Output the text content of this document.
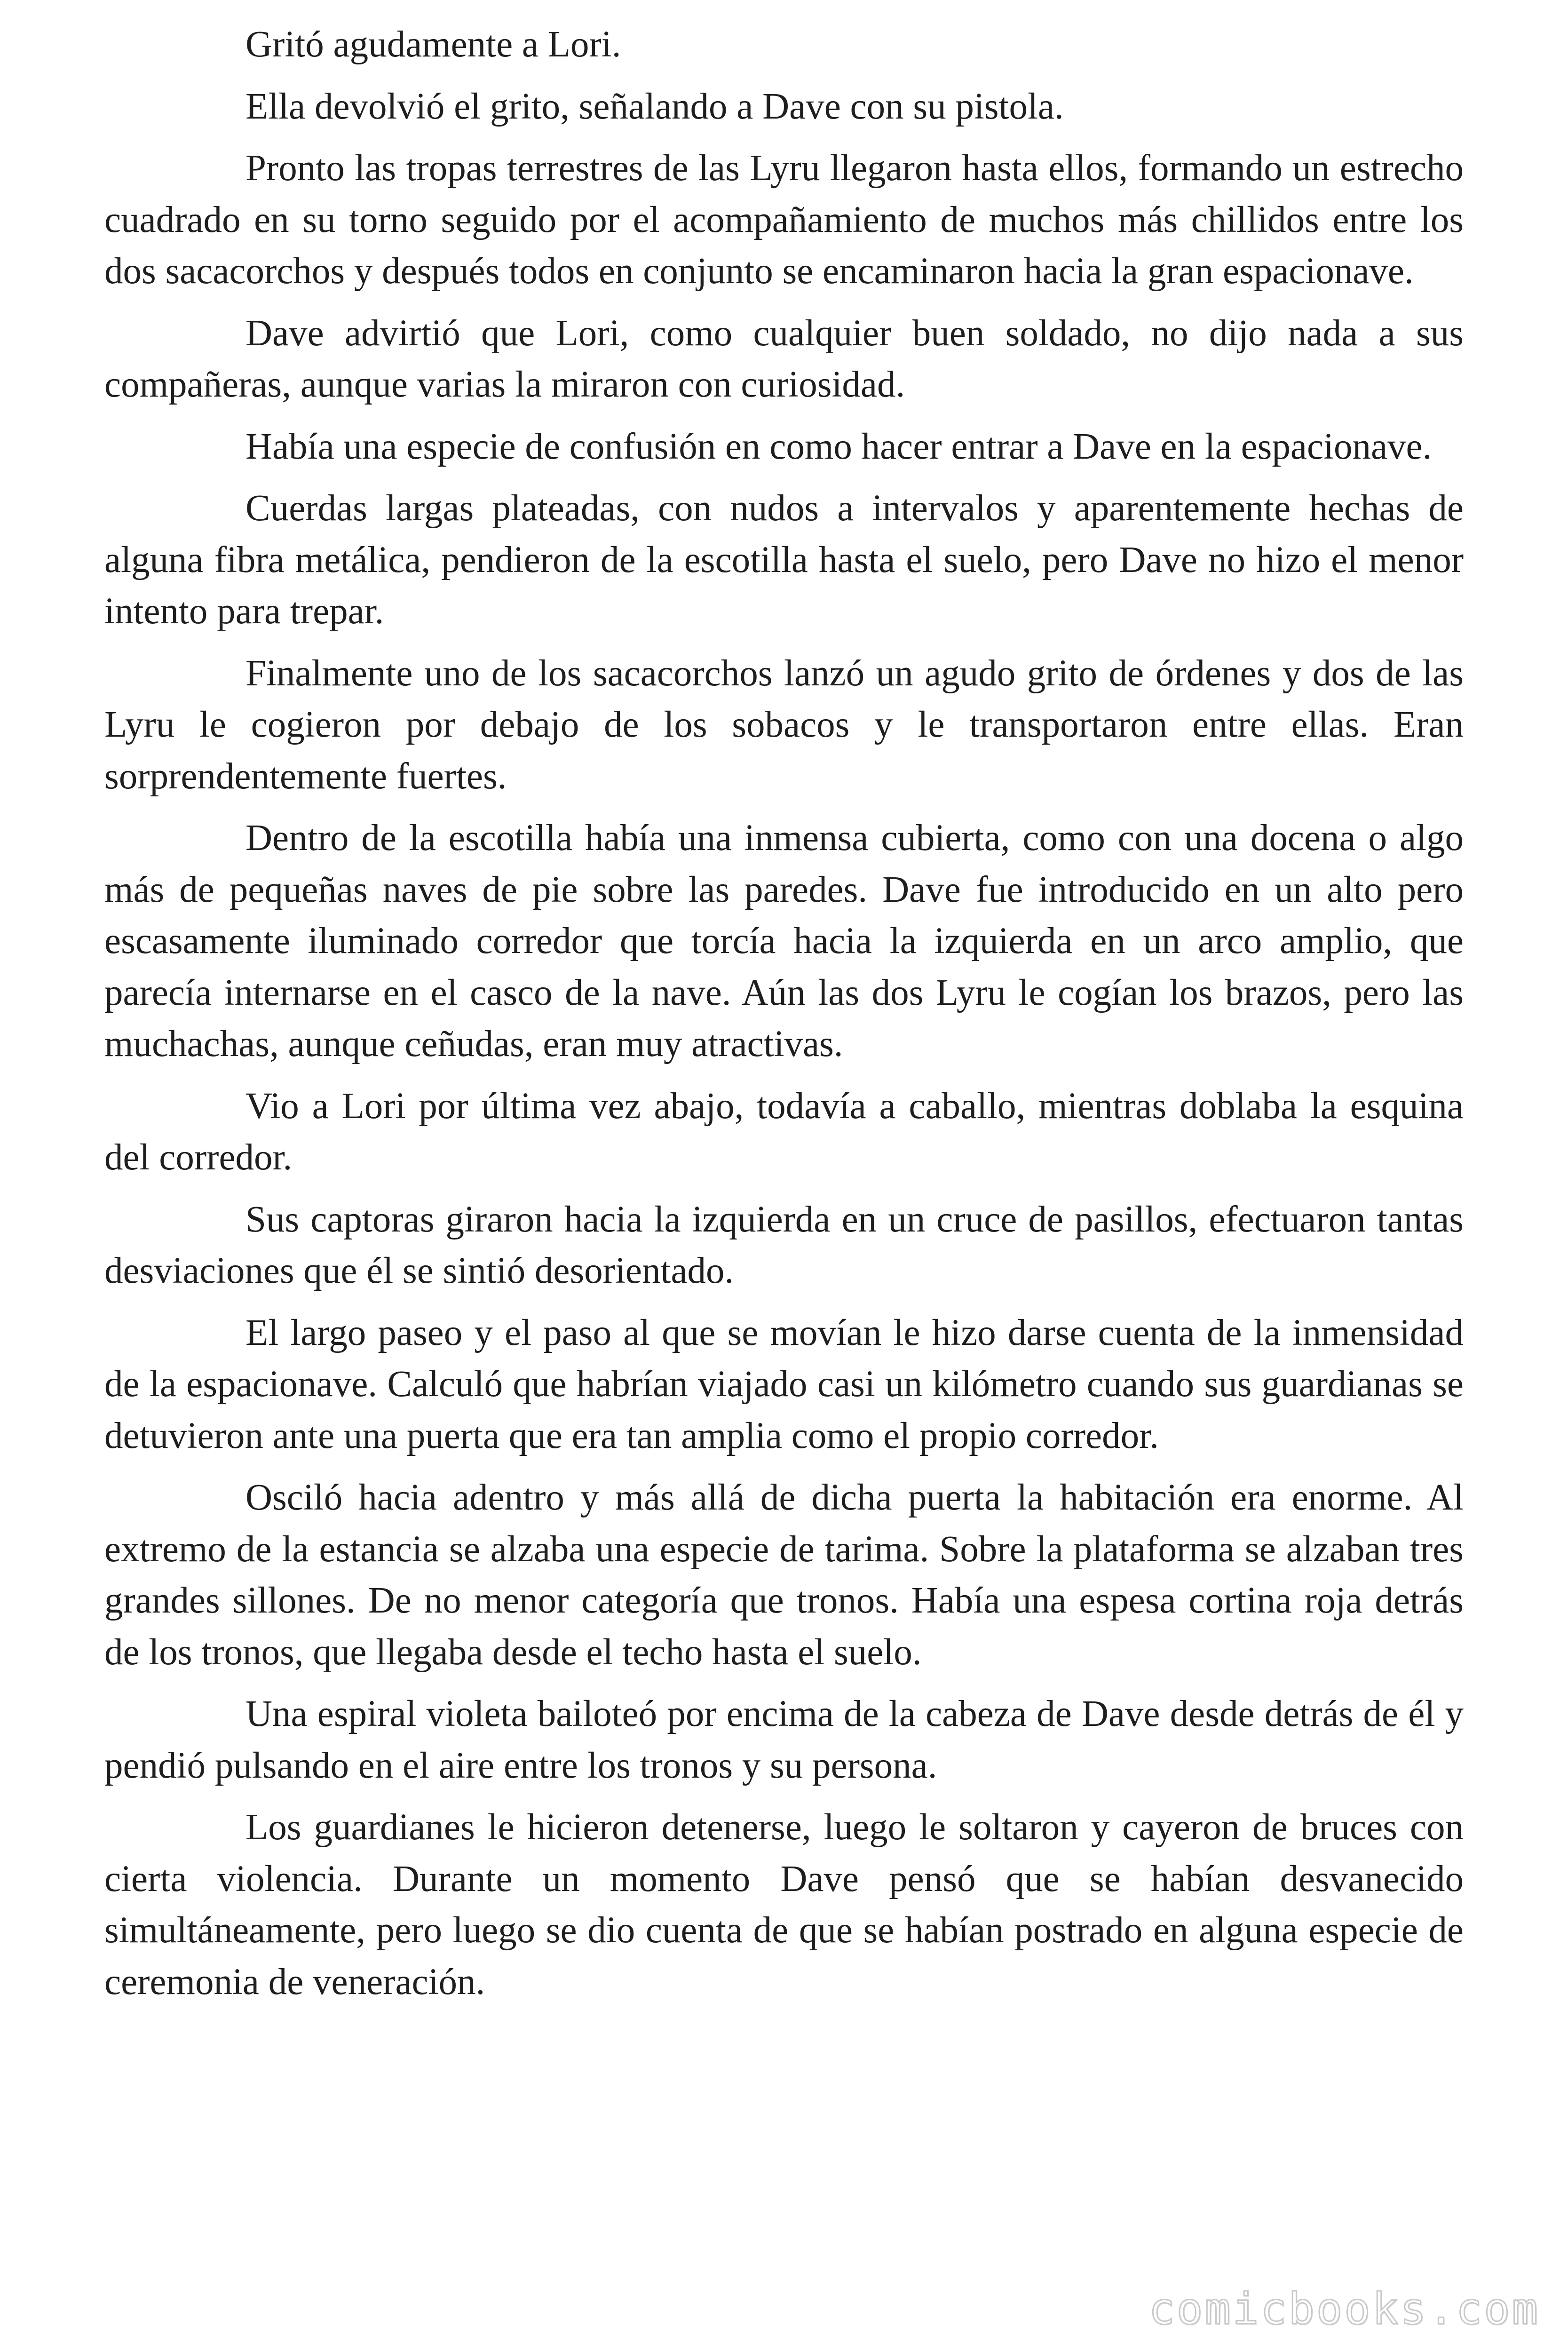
Gritó agudamente a Lori.

Ella devolvió el grito, señalando a Dave con su pistola.

Pronto las tropas terrestres de las Lyru llegaron hasta ellos, formando un estrecho cuadrado en su torno seguido por el acompañamiento de muchos más chillidos entre los dos sacacorchos y después todos en conjunto se encaminaron hacia la gran espacionave.

Dave advirtió que Lori, como cualquier buen soldado, no dijo nada a sus compañeras, aunque varias la miraron con curiosidad.

Había una especie de confusión en como hacer entrar a Dave en la espacionave.

Cuerdas largas plateadas, con nudos a intervalos y aparentemente hechas de alguna fibra metálica, pendieron de la escotilla hasta el suelo, pero Dave no hizo el menor intento para trepar.

Finalmente uno de los sacacorchos lanzó un agudo grito de órdenes y dos de las Lyru le cogieron por debajo de los sobacos y le transportaron entre ellas. Eran sorprendentemente fuertes.

Dentro de la escotilla había una inmensa cubierta, como con una docena o algo más de pequeñas naves de pie sobre las paredes. Dave fue introducido en un alto pero escasamente iluminado corredor que torcía hacia la izquierda en un arco amplio, que parecía internarse en el casco de la nave. Aún las dos Lyru le cogían los brazos, pero las muchachas, aunque ceñudas, eran muy atractivas.

Vio a Lori por última vez abajo, todavía a caballo, mientras doblaba la esquina del corredor.

Sus captoras giraron hacia la izquierda en un cruce de pasillos, efectuaron tantas desviaciones que él se sintió desorientado.

El largo paseo y el paso al que se movían le hizo darse cuenta de la inmensidad de la espacionave. Calculó que habrían viajado casi un kilómetro cuando sus guardianas se detuvieron ante una puerta que era tan amplia como el propio corredor.

Osciló hacia adentro y más allá de dicha puerta la habitación era enorme. Al extremo de la estancia se alzaba una especie de tarima. Sobre la plataforma se alzaban tres grandes sillones. De no menor categoría que tronos. Había una espesa cortina roja detrás de los tronos, que llegaba desde el techo hasta el suelo.

Una espiral violeta bailoteó por encima de la cabeza de Dave desde detrás de él y pendió pulsando en el aire entre los tronos y su persona.

Los guardianes le hicieron detenerse, luego le soltaron y cayeron de bruces con cierta violencia. Durante un momento Dave pensó que se habían desvanecido simultáneamente, pero luego se dio cuenta de que se habían postrado en alguna especie de ceremonia de veneración.

comicbooks.com
